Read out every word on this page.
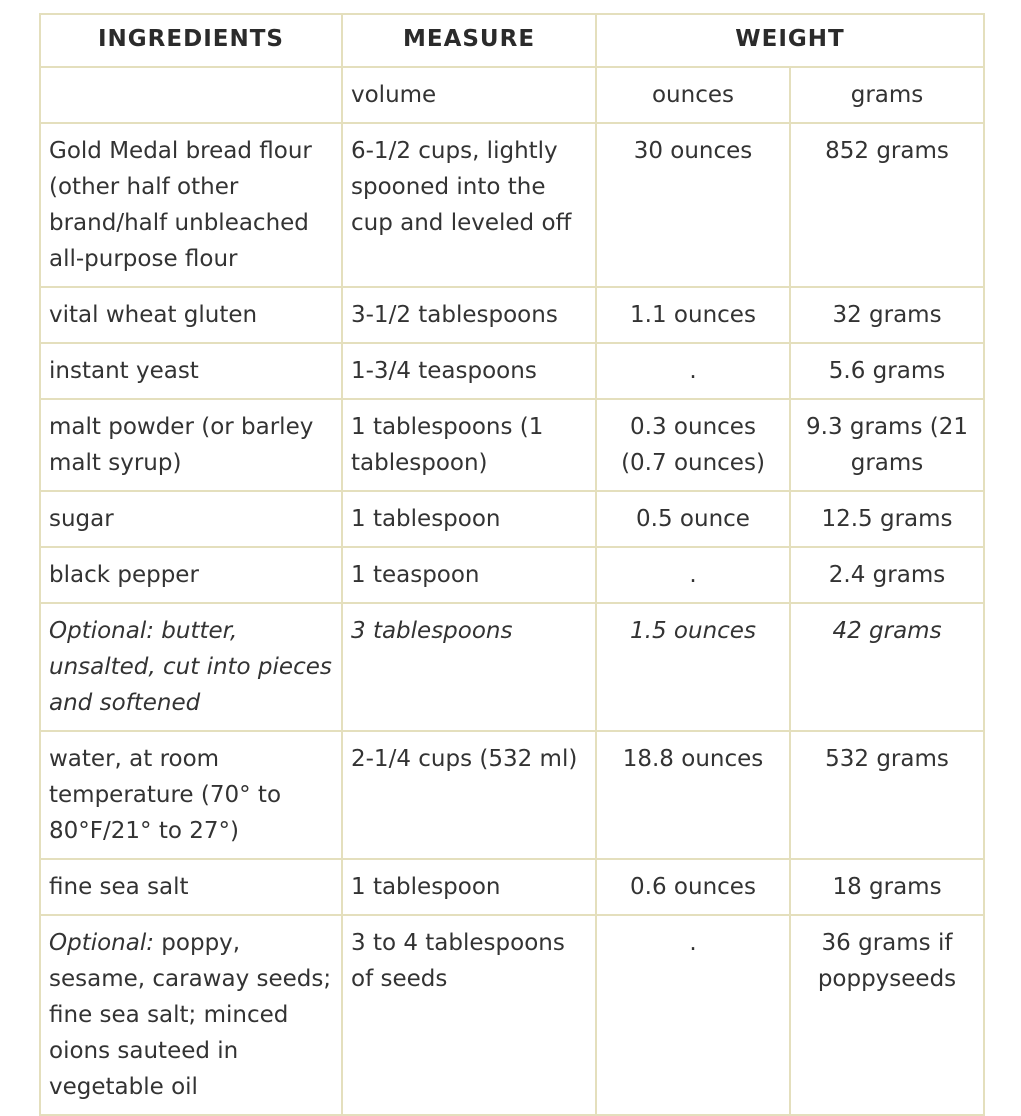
INGREDIENTS	MEASURE	WEIGHT	
	volume	ounces	grams
Gold Medal bread flour (other half other brand/half unbleached all-purpose flour	6-1/2 cups, lightly spooned into the cup and leveled off	30 ounces	852 grams
vital wheat gluten	3-1/2 tablespoons	1.1 ounces	32 grams
instant yeast	1-3/4 teaspoons	.	5.6 grams
malt powder (or barley malt syrup)	1 tablespoons (1 tablespoon)	0.3 ounces (0.7 ounces)	9.3 grams (21 grams
sugar	1 tablespoon	0.5 ounce	12.5 grams
black pepper	1 teaspoon	.	2.4 grams
Optional: butter, unsalted, cut into pieces and softened	3 tablespoons	1.5 ounces	42 grams
water, at room temperature (70° to 80°F/21° to 27°)	2-1/4 cups (532 ml)	18.8 ounces	532 grams
fine sea salt	1 tablespoon	0.6 ounces	18 grams
Optional: poppy, sesame, caraway seeds; fine sea salt; minced oions sauteed in vegetable oil	3 to 4 tablespoons of seeds	.	36 grams if poppyseeds
